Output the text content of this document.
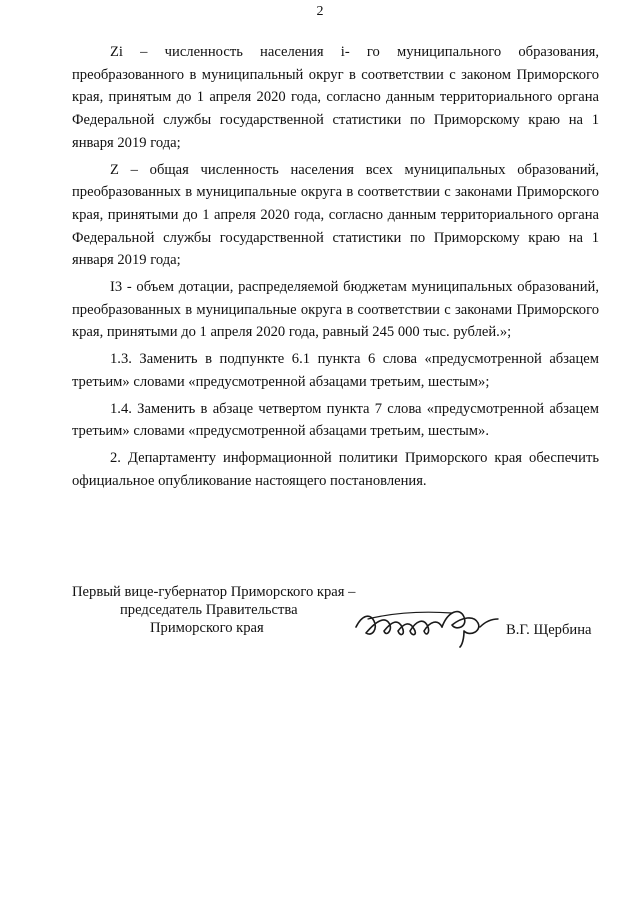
2

Zi – численность населения i- го муниципального образования, преобразованного в муниципальный округ в соответствии с законом Приморского края, принятым до 1 апреля 2020 года, согласно данным территориального органа Федеральной службы государственной статистики по Приморскому краю на 1 января 2019 года;

Z – общая численность населения всех муниципальных образований, преобразованных в муниципальные округа в соответствии с законами Приморского края, принятыми до 1 апреля 2020 года, согласно данным территориального органа Федеральной службы государственной статистики по Приморскому краю на 1 января 2019 года;

I3 - объем дотации, распределяемой бюджетам муниципальных образований, преобразованных в муниципальные округа в соответствии с законами Приморского края, принятыми до 1 апреля 2020 года, равный 245 000 тыс. рублей.»;

1.3. Заменить в подпункте 6.1 пункта 6 слова «предусмотренной абзацем третьим» словами «предусмотренной абзацами третьим, шестым»;

1.4. Заменить в абзаце четвертом пункта 7 слова «предусмотренной абзацем третьим» словами «предусмотренной абзацами третьим, шестым».

2. Департаменту информационной политики Приморского края обеспечить официальное опубликование настоящего постановления.

Первый вице-губернатор Приморского края –
председатель Правительства
Приморского края	В.Г. Щербина
